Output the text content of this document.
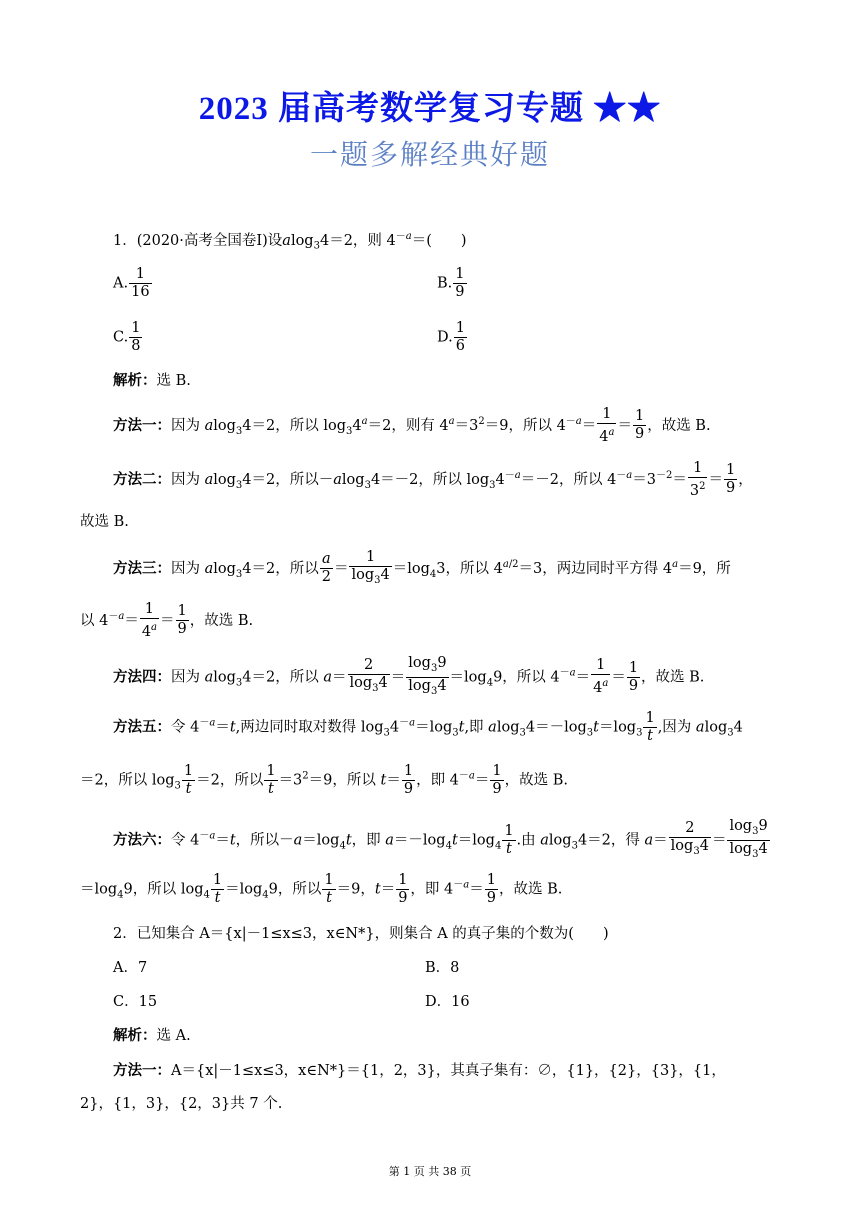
2023 届高考数学复习专题 ★★
一题多解经典好题
1．(2020·高考全国卷Ⅰ)设alog$_3$4＝2，则 $4^{-a}=$(　　)
A. $\frac{1}{16}$	B. $\frac{1}{9}$
C. $\frac{1}{8}$	D. $\frac{1}{6}$
解析：选 B.
方法一：因为 alog$_3$4＝2，所以 $\log_34^a=2$，则有 $4^a=3^2=9$，所以 $4^{-a}= \frac{1}{4^a} = \frac{1}{9}$ ，故选 B.
方法二：因为 alog$_3$4＝2，所以－alog$_3$4＝－2，所以 $\log_34^{-a}=-2$，所以 $4^{-a}=3^{-2}= \frac{1}{3^2} = \frac{1}{9}$ ，
故选 B.
方法三：因为 alog$_3$4＝2，所以 $\frac{a}{2} = \frac{1}{\log_34} =\log_43$，所以 $4^{a/2}=3$，两边同时平方得 $4^a=9$，所
以 $4^{-a}= \frac{1}{4^a} = \frac{1}{9}$ ，故选 B.
方法四：因为 alog$_3$4＝2，所以 $a= \frac{2}{\log_34} = \frac{\log_39}{\log_34} =\log_49$，所以 $4^{-a}= \frac{1}{4^a} = \frac{1}{9}$ ，故选 B.
方法五：令 $4^{-a}=t$,两边同时取对数得 $\log_34^{-a}=\log_3t$,即 $alog_34=-\log_3t=\log_3 \frac{1}{t}$ ,因为 alog$_3$4
＝2，所以 $\log_3 \frac{1}{t} =2$，所以 $\frac{1}{t} =3^2=9$，所以 $t= \frac{1}{9}$ ，即 $4^{-a}= \frac{1}{9}$ ，故选 B.
方法六：令 $4^{-a}=t$，所以$-a=\log_4t$，即 $a=-\log_4t=\log_4 \frac{1}{t}$ .由 alog$_3$4＝2，得 $a= \frac{2}{\log_34} = \frac{\log_39}{\log_34}$
$=\log_49$，所以 $\log_4 \frac{1}{t} =\log_49$，所以 $\frac{1}{t} =9$，$t= \frac{1}{9}$ ，即 $4^{-a}= \frac{1}{9}$ ，故选 B.
2．已知集合 A＝{x|－1≤x≤3，x∈N*}，则集合 A 的真子集的个数为(　　)
A．7	B．8
C．15	D．16
解析：选 A.
方法一：A＝{x|－1≤x≤3，x∈N*}＝{1，2，3}，其真子集有：∅，{1}，{2}，{3}，{1，
2}，{1，3}，{2，3}共 7 个.
第 1 页 共 38 页
